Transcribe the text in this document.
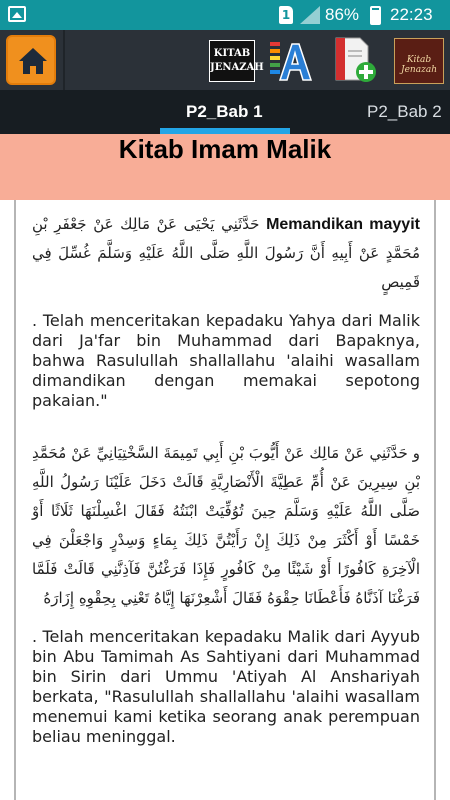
1 86% 22:23
KITAB
JENAZAH
Kitab Jenazah
P2_Bab 1	P2_Bab 2
Kitab Imam Malik

Memandikan mayyit حَدَّثَنِي يَحْيَى عَنْ مَالِك عَنْ جَعْفَرِ بْنِ مُحَمَّدٍ عَنْ أَبِيهِ أَنَّ رَسُولَ اللَّهِ صَلَّى اللَّهُ عَلَيْهِ وَسَلَّمَ غُسِّلَ فِي قَمِيصٍ

. Telah menceritakan kepadaku Yahya dari Malik dari Ja'far bin Muhammad dari Bapaknya, bahwa Rasulullah shallallahu 'alaihi wasallam dimandikan dengan memakai sepotong pakaian."

و حَدَّثَنِي عَنْ مَالِك عَنْ أَيُّوبَ بْنِ أَبِي تَمِيمَةَ السَّخْتِيَانِيِّ عَنْ مُحَمَّدِ بْنِ سِيرِينَ عَنْ أُمِّ عَطِيَّةَ الْأَنْصَارِيَّةِ قَالَتْ دَخَلَ عَلَيْنَا رَسُولُ اللَّهِ صَلَّى اللَّهُ عَلَيْهِ وَسَلَّمَ حِينَ تُوُفِّيَتْ ابْنَتُهُ فَقَالَ اغْسِلْنَهَا ثَلَاثًا أَوْ خَمْسًا أَوْ أَكْثَرَ مِنْ ذَلِكَ إِنْ رَأَيْتُنَّ ذَلِكَ بِمَاءٍ وَسِدْرٍ وَاجْعَلْنَ فِي الْآخِرَةِ كَافُورًا أَوْ شَيْئًا مِنْ كَافُورٍ فَإِذَا فَرَغْتُنَّ فَآذِنَّنِي قَالَتْ فَلَمَّا فَرَغْنَا آذَنَّاهُ فَأَعْطَانَا حِقْوَهُ فَقَالَ أَشْعِرْنَهَا إِيَّاهُ تَعْنِي بِحِقْوِهِ إِزَارَهُ

. Telah menceritakan kepadaku Malik dari Ayyub bin Abu Tamimah As Sahtiyani dari Muhammad bin Sirin dari Ummu 'Atiyah Al Anshariyah berkata, "Rasulullah shallallahu 'alaihi wasallam menemui kami ketika seorang anak perempuan beliau meninggal.
